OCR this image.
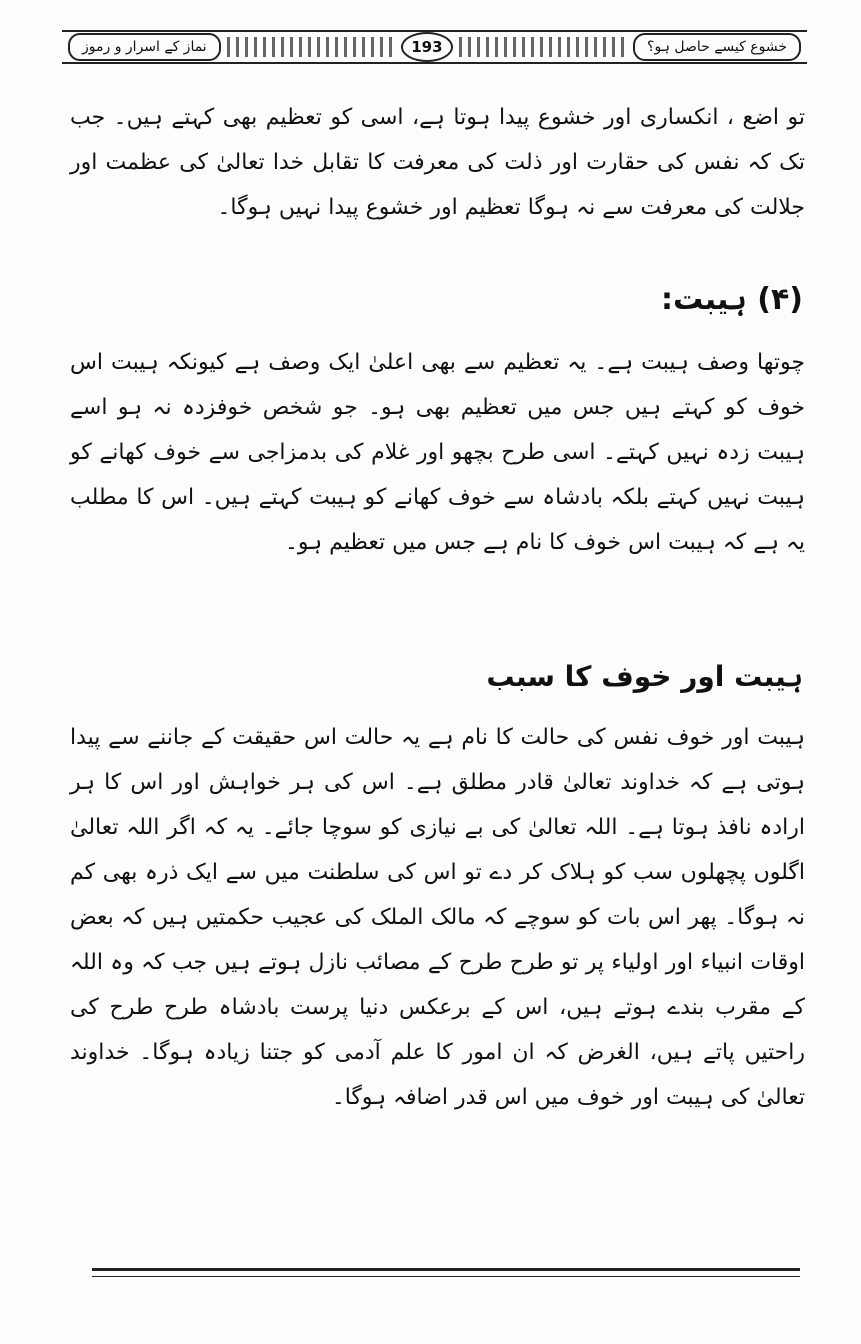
نماز کے اسرار و رموز	193	خشوع کیسے حاصل ہو؟
تو اضع ، انکساری اور خشوع پیدا ہوتا ہے، اسی کو تعظیم بھی کہتے ہیں۔ جب تک کہ نفس کی حقارت اور ذلت کی معرفت کا تقابل خدا تعالیٰ کی عظمت اور جلالت کی معرفت سے نہ ہوگا تعظیم اور خشوع پیدا نہیں ہوگا۔
(۴) ہیبت:
چوتھا وصف ہیبت ہے۔ یہ تعظیم سے بھی اعلیٰ ایک وصف ہے کیونکہ ہیبت اس خوف کو کہتے ہیں جس میں تعظیم بھی ہو۔ جو شخص خوفزدہ نہ ہو اسے ہیبت زدہ نہیں کہتے۔ اسی طرح بچھو اور غلام کی بدمزاجی سے خوف کھانے کو ہیبت نہیں کہتے بلکہ بادشاہ سے خوف کھانے کو ہیبت کہتے ہیں۔ اس کا مطلب یہ ہے کہ ہیبت اس خوف کا نام ہے جس میں تعظیم ہو۔
ہیبت اور خوف کا سبب
ہیبت اور خوف نفس کی حالت کا نام ہے یہ حالت اس حقیقت کے جاننے سے پیدا ہوتی ہے کہ خداوند تعالیٰ قادر مطلق ہے۔ اس کی ہر خواہش اور اس کا ہر ارادہ نافذ ہوتا ہے۔ اللہ تعالیٰ کی بے نیازی کو سوچا جائے۔ یہ کہ اگر اللہ تعالیٰ اگلوں پچھلوں سب کو ہلاک کر دے تو اس کی سلطنت میں سے ایک ذرہ بھی کم نہ ہوگا۔ پھر اس بات کو سوچے کہ مالک الملک کی عجیب حکمتیں ہیں کہ بعض اوقات انبیاء اور اولیاء پر تو طرح طرح کے مصائب نازل ہوتے ہیں جب کہ وہ اللہ کے مقرب بندے ہوتے ہیں، اس کے برعکس دنیا پرست بادشاہ طرح طرح کی راحتیں پاتے ہیں، الغرض کہ ان امور کا علم آدمی کو جتنا زیادہ ہوگا۔ خداوند تعالیٰ کی ہیبت اور خوف میں اس قدر اضافہ ہوگا۔
